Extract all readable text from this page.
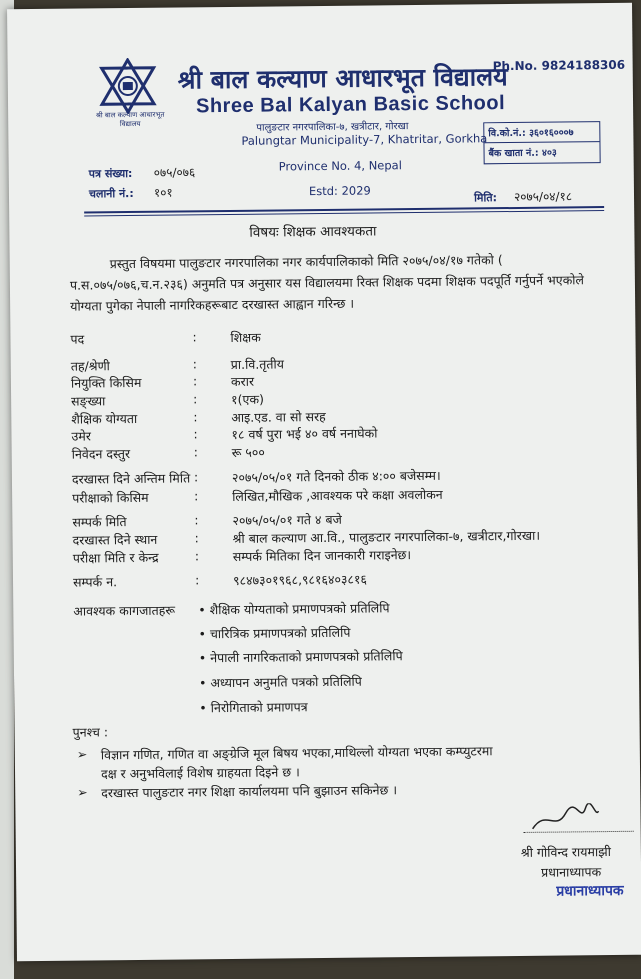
श्री बाल कल्याण आधारभूत विद्यालय
श्री बाल कल्याण आधारभूत विद्यालय
Shree Bal Kalyan Basic School
Ph.No. 9824188306
पालुङटार नगरपालिका-७, खत्रीटार, गोरखा
Palungtar Municipality-7, Khatritar, Gorkha
Province No. 4, Nepal
Estd: 2029
वि.को.नं.: ३६०१६०००७
बैंक खाता नं.: ४०३
पत्र संख्या: ०७५/०७६
चलानी नं.: १०१	मिति: २०७५/०४/१८
विषयः शिक्षक आवश्यकता
प्रस्तुत विषयमा पालुङटार नगरपालिका नगर कार्यपालिकाको मिति २०७५/०४/१७ गतेको ( प.स.०७५/०७६,च.न.२३६) अनुमति पत्र अनुसार यस विद्यालयमा रिक्त शिक्षक पदमा शिक्षक पदपूर्ति गर्नुपर्ने भएकोले योग्यता पुगेका नेपाली नागरिकहरूबाट दरखास्त आह्वान गरिन्छ ।
पद	:	शिक्षक
तह/श्रेणी	:	प्रा.वि.तृतीय
नियुक्ति किसिम	:	करार
सङ्ख्या	:	१(एक)
शैक्षिक योग्यता	:	आइ.एड. वा सो सरह
उमेर	:	१८ वर्ष पुरा भई ४० वर्ष ननाघेको
निवेदन दस्तुर	:	रू ५००
दरखास्त दिने अन्तिम मिति :	२०७५/०५/०१ गते दिनको ठीक ४:०० बजेसम्म।
परीक्षाको किसिम	:	लिखित,मौखिक ,आवश्यक परे कक्षा अवलोकन
सम्पर्क मिति	:	२०७५/०५/०१ गते ४ बजे
दरखास्त दिने स्थान	:	श्री बाल कल्याण आ.वि., पालुङटार नगरपालिका-७, खत्रीटार,गोरखा।
परीक्षा मिति र केन्द्र	:	सम्पर्क मितिका दिन जानकारी गराइनेछ।
सम्पर्क न.	:	९८४७३०१९६८,९८१६४०३८१६
आवश्यक कागजातहरू • शैक्षिक योग्यताको प्रमाणपत्रको प्रतिलिपि
• चारित्रिक प्रमाणपत्रको प्रतिलिपि
• नेपाली नागरिकताको प्रमाणपत्रको प्रतिलिपि
• अध्यापन अनुमति पत्रको प्रतिलिपि
• निरोगिताको प्रमाणपत्र
पुनश्च :
➢ विज्ञान गणित, गणित वा अङ्ग्रेजि मूल बिषय भएका,माथिल्लो योग्यता भएका कम्प्युटरमा
दक्ष र अनुभविलाई विशेष ग्राहयता दिइने छ ।
➢ दरखास्त पालुङटार नगर शिक्षा कार्यालयमा पनि बुझाउन सकिनेछ ।
श्री गोविन्द रायमाझी
प्रधानाध्यापक
प्रधानाध्यापक
